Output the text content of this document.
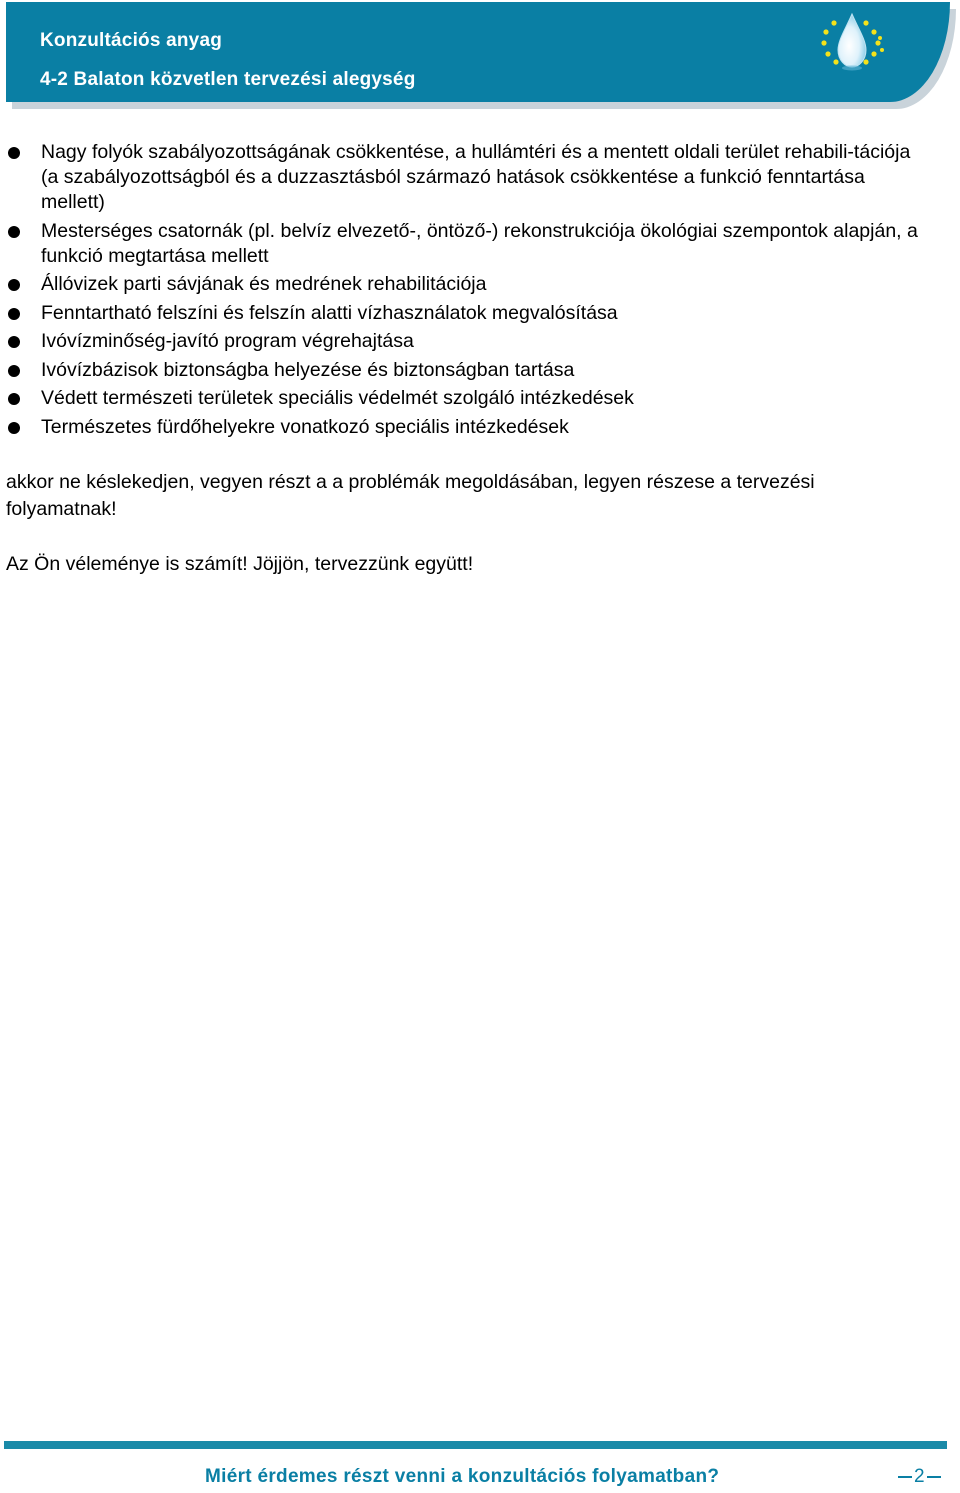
Konzultációs anyag
4-2 Balaton közvetlen tervezési alegység
Nagy folyók szabályozottságának csökkentése, a hullámtéri és a mentett oldali terület rehabili-tációja (a szabályozottságból és a duzzasztásból származó hatások csökkentése a funkció fenntartása mellett)
Mesterséges csatornák (pl. belvíz elvezető-, öntöző-) rekonstrukciója ökológiai szempontok alapján, a funkció megtartása mellett
Állóvizek parti sávjának és medrének rehabilitációja
Fenntartható felszíni és felszín alatti vízhasználatok megvalósítása
Ivóvízminőség-javító program végrehajtása
Ivóvízbázisok biztonságba helyezése és biztonságban tartása
Védett természeti területek speciális védelmét szolgáló intézkedések
Természetes fürdőhelyekre vonatkozó speciális intézkedések

akkor ne késlekedjen, vegyen részt a a problémák megoldásában, legyen részese a tervezési folyamatnak!

Az Ön véleménye is számít! Jöjjön, tervezzünk együtt!

Miért érdemes részt venni a konzultációs folyamatban?	2
